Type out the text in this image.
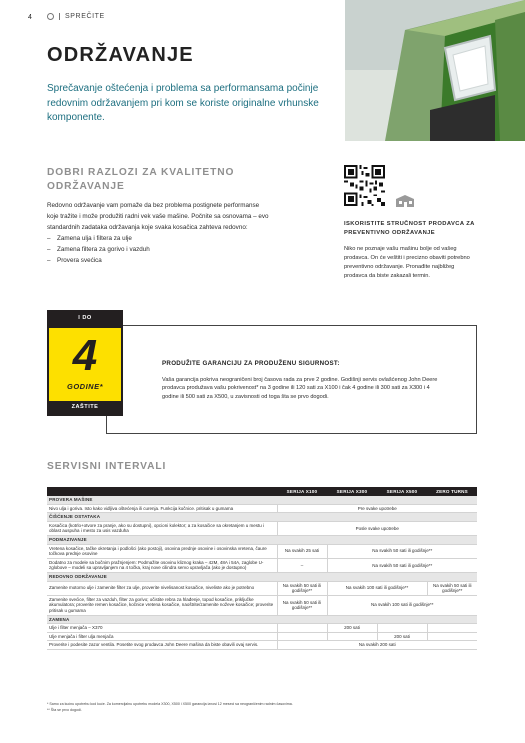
4	SPREČITE
ODRŽAVANJE
Sprečavanje oštećenja i problema sa performansama počinje redovnim održavanjem pri kom se koriste originalne vrhunske komponente.
DOBRI RAZLOZI ZA KVALITETNO ODRŽAVANJE

Redovno održavanje vam pomaže da bez problema postignete performanse koje tražite i može produžiti radni vek vaše mašine. Počnite sa osnovama – evo standardnih zadataka održavanja koje svaka kosačica zahteva redovno:

–	Zamena ulja i filtera za ulje
–	Zamena filtera za gorivo i vazduh
–	Provera svećica
ISKORISTITE STRUČNOST PRODAVCA ZA PREVENTIVNO ODRŽAVANJE
Niko ne poznaje vašu mašinu bolje od vašeg prodavca. On će veštiti i precizno obaviti potrebno preventivno održavanje. Pronađite najbližeg prodavca da biste zakazali termin.
I DO
4
GODINE*
ZAŠTITE
PRODUŽITE GARANCIJU ZA PRODUŽENU SIGURNOST:
Vaša garancija pokriva neograničeni broj časova rada za prve 2 godine. Godišnji servis ovlašćenog John Deere prodavca produžava vašu pokrivenost* na 3 godine ili 120 sati za X100 i čak 4 godine ili 300 sati za X300 i 4 godine ili 500 sati za X500, u zavisnosti od toga šta se prvo dogodi.
SERVISNI INTERVALI
	SERIJA X100	SERIJA X300	SERIJA X500	ZERO TURNS
PROVERA MAŠINE				
Nivo ulja i goriva. Isto kako vidljiva oštećenja ili curenja. Funkcija kočnice. pritisak u gumama	Pre svake upotrebe			
ČIŠĆENJE OSTATAKA				
Kosačica (kotrlo+otvore za pranje, ako su dostupni), opcioni kolektor; a za kosačice sa okretanjem u mestu i oblast auspuha i mesto za usis vazduha	Posle svake upotrebe			
PODMAZIVANJE				
Vretena kosačice, tačke okretanja i podlošci (ako postoji), osovina prednje osovine i osovinska vretena, čaure točkova prednje osovine	Na svakih 25 sati	Na svakih 50 sati ili godišnje**		
Dodatno za modele sa bočnim pražnjenjem: Podmažite osovinu kliznog kraka – 42M, 48A i 54A, zaglobe U-zglobove – modeli sa upravljanjem na 4 točka, kraj nove cilindra servo upravljača (ako je dostupno)	–	Na svakih 50 sati ili godišnje**		
REDOVNO ODRŽAVANJE				
Zamenite motorno ulje i zamenite filter za ulje, proverite nivelisanost kosačice, niveliste ako je potrebno	Na svakih 50 sati ili godišnje**	Na svakih 100 sati ili godišnje**		Na svakih 50 sati ili godišnje**
Zamenite svećice, filter za vazduh, filter za gorivo; očistite rebra za hlađenje, topod kosačice, priključke akumulatora; proverite remen kosačice, kočnice vretena kosačice, naoštrite/zamenite noževe kosačice; proverite pritisak u gumama	Na svakih 50 sati ili godišnje**	Na svakih 100 sati ili godišnje**		
ZAMENA				
Ulje i filter menjača – X370		200 sati		
Ulje menjača i filter ulja menjača			200 sati	
Proverite i podesite zazor ventila. Posetite svog prodavca John Deere mašina da biste obavili ovaj servis.	Na svakih 200 sati			
* Samo za kućnu upotrebu kod kuće. Za komercijalnu upotrebu modela X300, X500 i X500 garancija iznosi 12 meseci sa neograničenim radnim časovima.
** Šta se prvo dogodi.
